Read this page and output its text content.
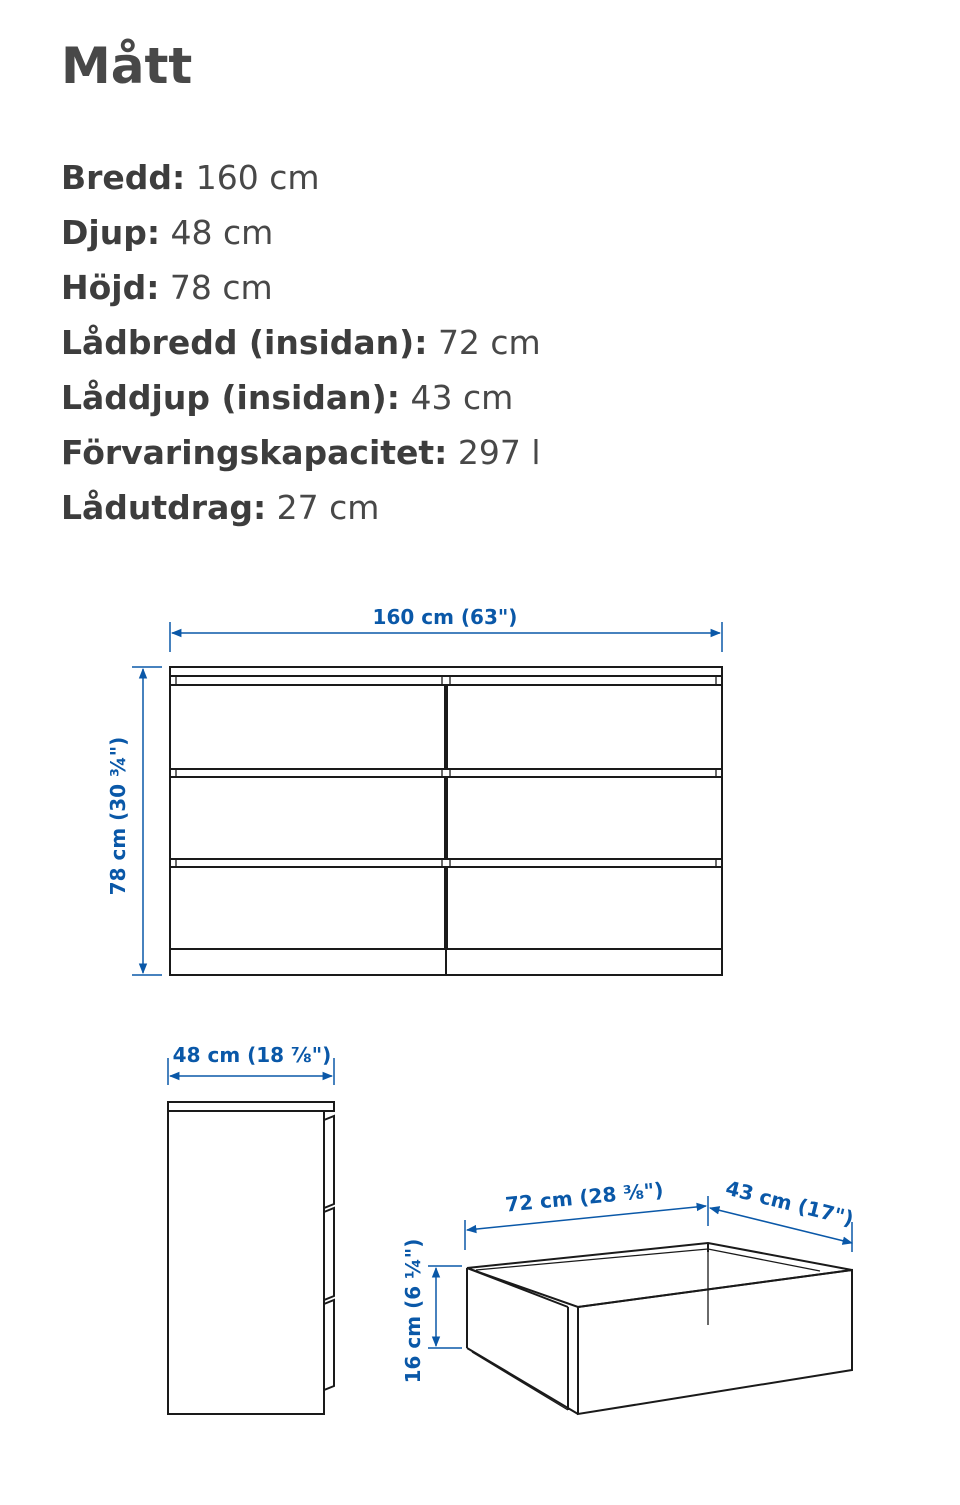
Mått
Bredd: 160 cm
Djup: 48 cm
Höjd: 78 cm
Lådbredd (insidan): 72 cm
Låddjup (insidan): 43 cm
Förvaringskapacitet: 297 l
Lådutdrag: 27 cm
160 cm (63")
78 cm (30 ¾")
48 cm (18 ⅞")
72 cm (28 ⅜")	43 cm (17")
16 cm (6 ¼")
